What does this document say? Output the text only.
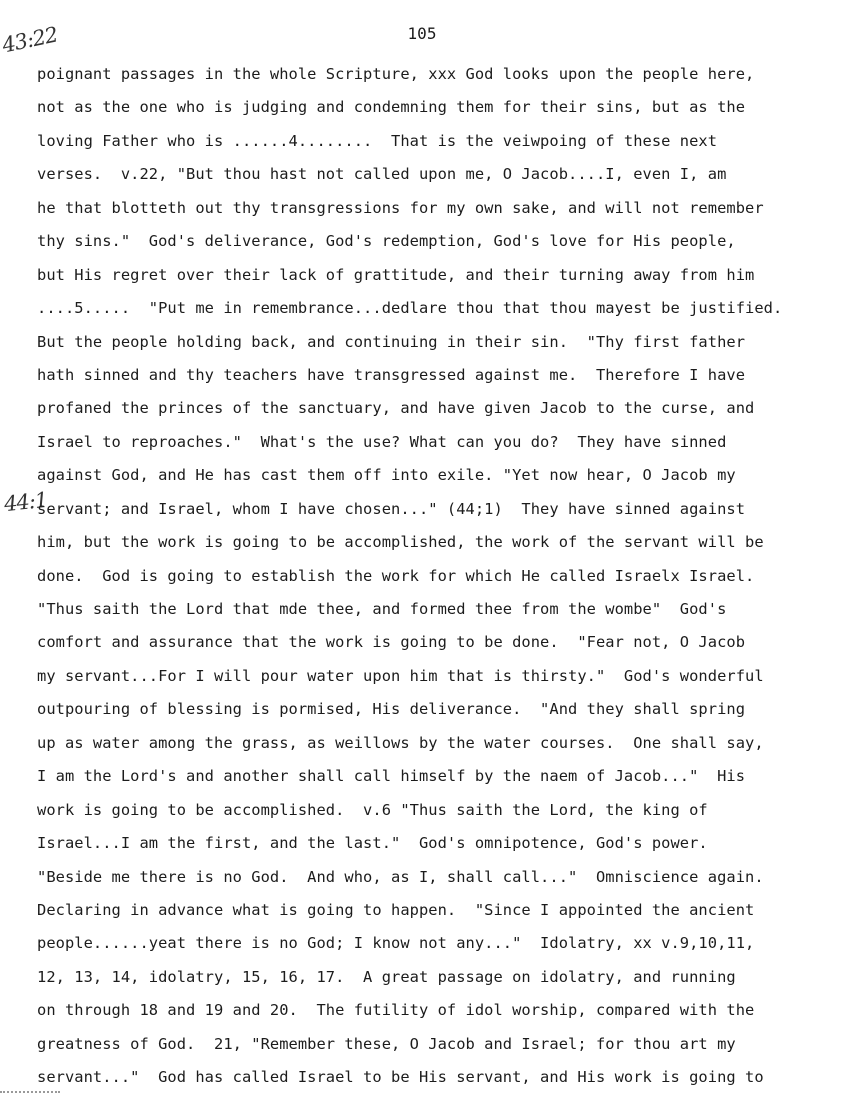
105
43:22
44:1
poignant passages in the whole Scripture, xxx God looks upon the people here,
not as the one who is judging and condemning them for their sins, but as the
loving Father who is ......4........  That is the veiwpoing of these next
verses.  v.22, "But thou hast not called upon me, O Jacob....I, even I, am
he that blotteth out thy transgressions for my own sake, and will not remember
thy sins."  God's deliverance, God's redemption, God's love for His people,
but His regret over their lack of grattitude, and their turning away from him
....5.....  "Put me in remembrance...dedlare thou that thou mayest be justified.
But the people holding back, and continuing in their sin.  "Thy first father
hath sinned and thy teachers have transgressed against me.  Therefore I have
profaned the princes of the sanctuary, and have given Jacob to the curse, and
Israel to reproaches."  What's the use? What can you do?  They have sinned
against God, and He has cast them off into exile. "Yet now hear, O Jacob my
servant; and Israel, whom I have chosen..." (44;1)  They have sinned against
him, but the work is going to be accomplished, the work of the servant will be
done.  God is going to establish the work for which He called Israelx Israel.
"Thus saith the Lord that mde thee, and formed thee from the wombe"  God's
comfort and assurance that the work is going to be done.  "Fear not, O Jacob
my servant...For I will pour water upon him that is thirsty."  God's wonderful
outpouring of blessing is pormised, His deliverance.  "And they shall spring
up as water among the grass, as weillows by the water courses.  One shall say,
I am the Lord's and another shall call himself by the naem of Jacob..."  His
work is going to be accomplished.  v.6 "Thus saith the Lord, the king of
Israel...I am the first, and the last."  God's omnipotence, God's power.
"Beside me there is no God.  And who, as I, shall call..."  Omniscience again.
Declaring in advance what is going to happen.  "Since I appointed the ancient
people......yeat there is no God; I know not any..."  Idolatry, xx v.9,10,11,
12, 13, 14, idolatry, 15, 16, 17.  A great passage on idolatry, and running
on through 18 and 19 and 20.  The futility of idol worship, compared with the
greatness of God.  21, "Remember these, O Jacob and Israel; for thou art my
servant..."  God has called Israel to be His servant, and His work is going to
